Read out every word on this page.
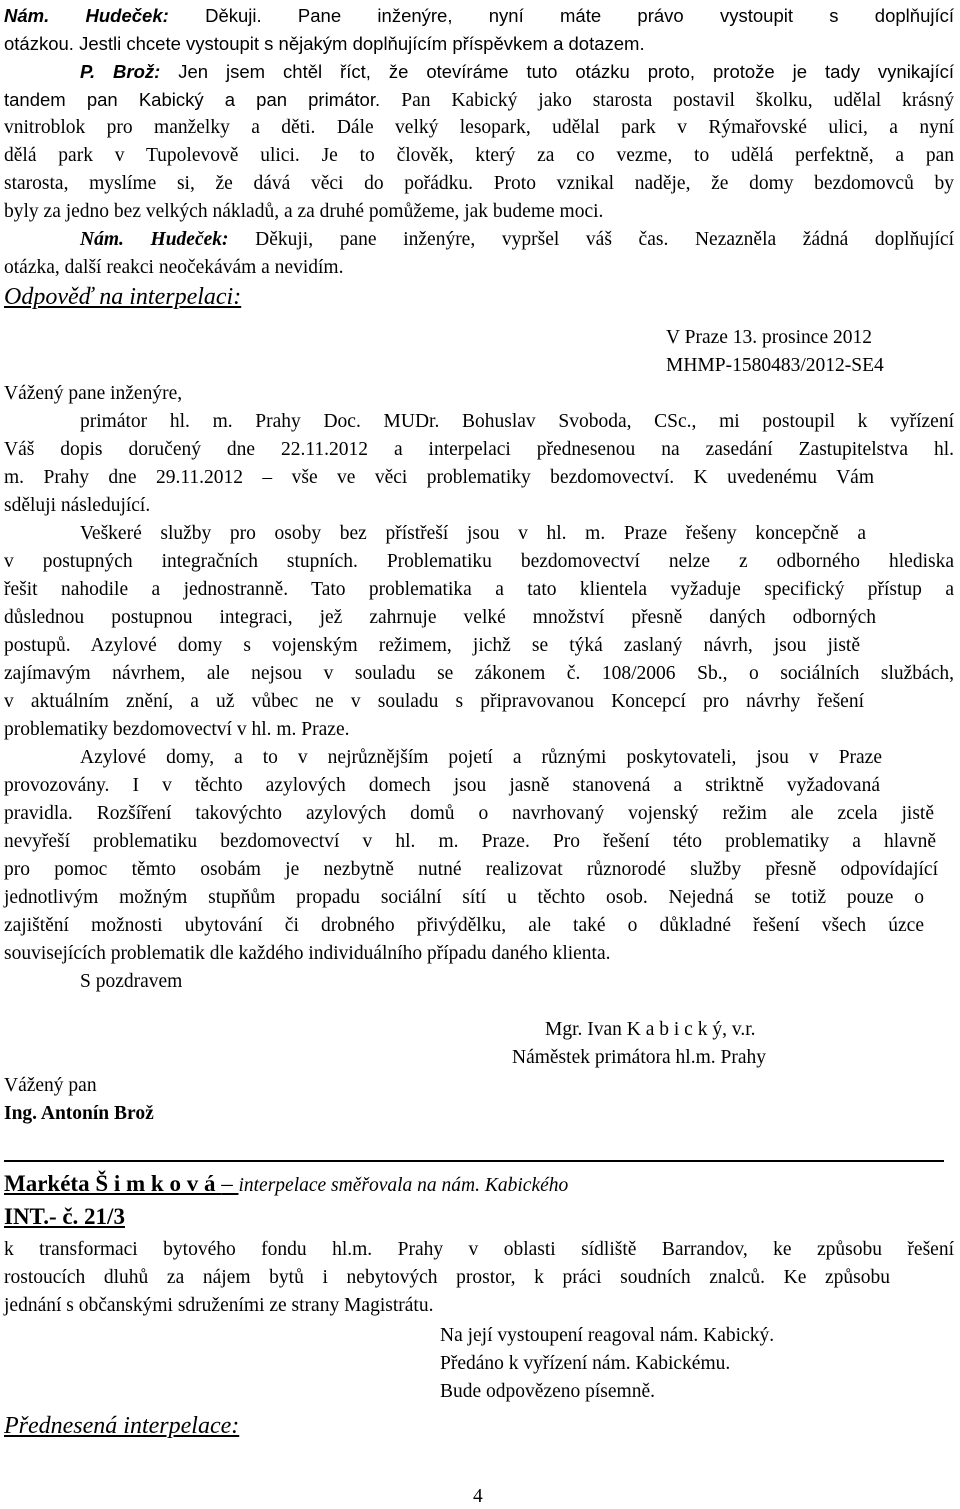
Nám. Hudeček: Děkuji. Pane inženýre, nyní máte právo vystoupit s doplňující
otázkou. Jestli chcete vystoupit s nějakým doplňujícím příspěvkem a dotazem.
P. Brož: Jen jsem chtěl říct, že otevíráme tuto otázku proto, protože je tady vynikající
tandem pan Kabický a pan primátor. Pan Kabický jako starosta postavil školku, udělal krásný
vnitroblok pro manželky a děti. Dále velký lesopark, udělal park v Rýmařovské ulici, a nyní
dělá park v Tupolevově ulici. Je to člověk, který za co vezme, to udělá perfektně, a pan
starosta, myslíme si, že dává věci do pořádku. Proto vznikal naděje, že domy bezdomovců by
byly za jedno bez velkých nákladů, a za druhé pomůžeme, jak budeme moci.
Nám. Hudeček: Děkuji, pane inženýre, vypršel váš čas. Nezazněla žádná doplňující
otázka, další reakci neočekávám a nevidím.
Odpověď na interpelaci:
V Praze 13. prosince 2012
MHMP-1580483/2012-SE4
Vážený pane inženýre,
primátor hl. m. Prahy Doc. MUDr. Bohuslav Svoboda, CSc., mi postoupil k vyřízení
Váš dopis doručený dne 22.11.2012 a interpelaci přednesenou na zasedání Zastupitelstva hl.
m. Prahy dne 29.11.2012 – vše ve věci problematiky bezdomovectví. K uvedenému Vám
sděluji následující.
Veškeré služby pro osoby bez přístřeší jsou v hl. m. Praze řešeny koncepčně a
v postupných integračních stupních. Problematiku bezdomovectví nelze z odborného hlediska
řešit nahodile a jednostranně. Tato problematika a tato klientela vyžaduje specifický přístup a
důslednou postupnou integraci, jež zahrnuje velké množství přesně daných odborných
postupů. Azylové domy s vojenským režimem, jichž se týká zaslaný návrh, jsou jistě
zajímavým návrhem, ale nejsou v souladu se zákonem č. 108/2006 Sb., o sociálních službách,
v aktuálním znění, a už vůbec ne v souladu s připravovanou Koncepcí pro návrhy řešení
problematiky bezdomovectví v hl. m. Praze.
Azylové domy, a to v nejrůznějším pojetí a různými poskytovateli, jsou v Praze
provozovány. I v těchto azylových domech jsou jasně stanovená a striktně vyžadovaná
pravidla. Rozšíření takovýchto azylových domů o navrhovaný vojenský režim ale zcela jistě
nevyřeší problematiku bezdomovectví v hl. m. Praze. Pro řešení této problematiky a hlavně
pro pomoc těmto osobám je nezbytně nutné realizovat různorodé služby přesně odpovídající
jednotlivým možným stupňům propadu sociální sítí u těchto osob. Nejedná se totiž pouze o
zajištění možnosti ubytování či drobného přivýdělku, ale také o důkladné řešení všech úzce
souvisejících problematik dle každého individuálního případu daného klienta.
S pozdravem
Mgr. Ivan K a b i c k ý, v.r.
Náměstek primátora hl.m. Prahy
Vážený pan
Ing. Antonín Brož
Markéta Š i m k o v á – interpelace směřovala na nám. Kabického
INT.- č. 21/3
k transformaci bytového fondu hl.m. Prahy v oblasti sídliště Barrandov, ke způsobu řešení
rostoucích dluhů za nájem bytů i nebytových prostor, k práci soudních znalců. Ke způsobu
jednání s občanskými sdruženími ze strany Magistrátu.
Na její vystoupení reagoval nám. Kabický.
Předáno k vyřízení nám. Kabickému.
Bude odpovězeno písemně.
Přednesená interpelace:
4
